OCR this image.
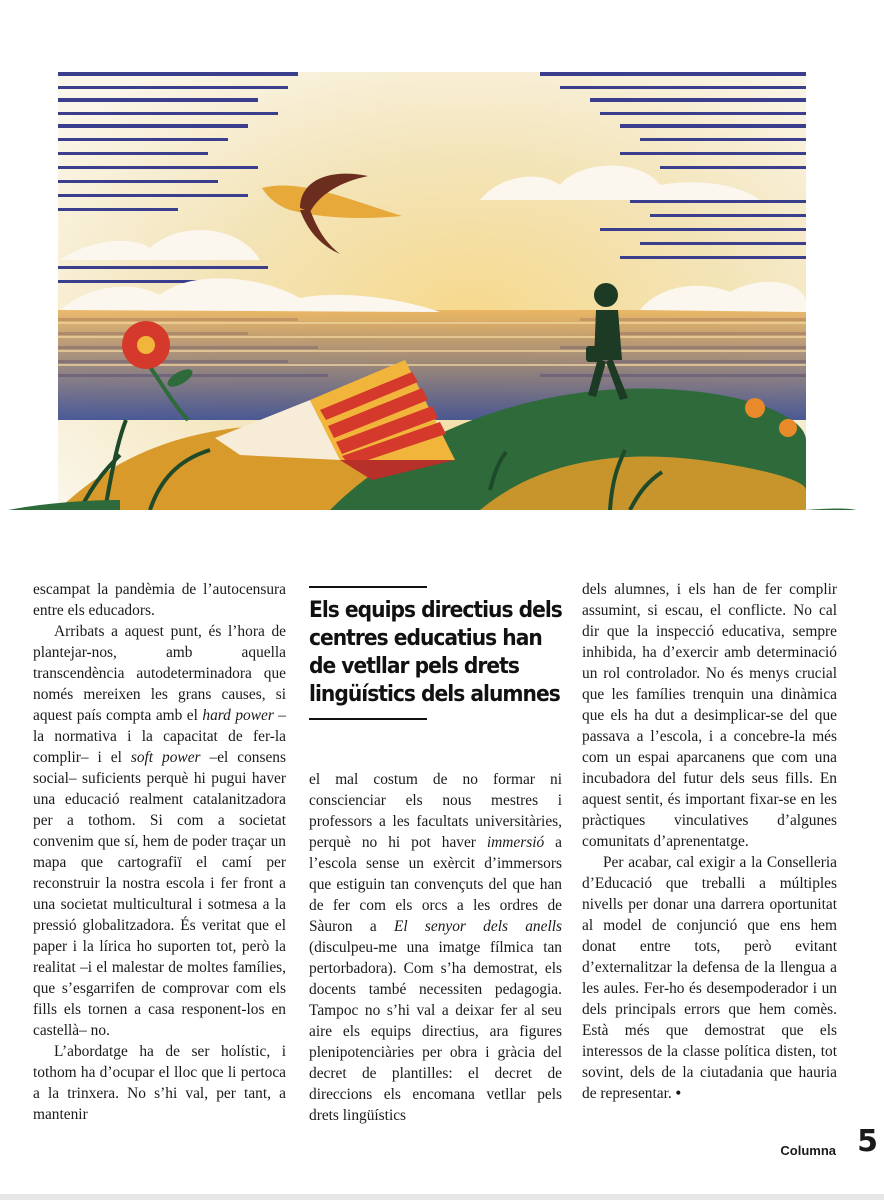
escampat la pandèmia de l’autocensura entre els educadors.

Arribats a aquest punt, és l’hora de plantejar-nos, amb aquella transcendència autodeterminadora que només mereixen les grans causes, si aquest país compta amb el hard power –la normativa i la capacitat de fer-la complir– i el soft power –el consens social– suficients perquè hi pugui haver una educació realment catalanitzadora per a tothom. Si com a societat convenim que sí, hem de poder traçar un mapa que cartografiï el camí per reconstruir la nostra escola i fer front a una societat multicultural i sotmesa a la pressió globalitzadora. És veritat que el paper i la lírica ho suporten tot, però la realitat –i el malestar de moltes famílies, que s’esgarrifen de comprovar com els fills els tornen a casa responent-los en castellà– no.

L’abordatge ha de ser holístic, i tothom ha d’ocupar el lloc que li pertoca a la trinxera. No s’hi val, per tant, a mantenir

Els equips directius dels
centres educatius han
de vetllar pels drets
lingüístics dels alumnes

el mal costum de no formar ni conscienciar els nous mestres i professors a les facultats universitàries, perquè no hi pot haver immersió a l’escola sense un exèrcit d’immersors que estiguin tan convençuts del que han de fer com els orcs a les ordres de Sàuron a El senyor dels anells (disculpeu-me una imatge fílmica tan pertorbadora). Com s’ha demostrat, els docents també necessiten pedagogia. Tampoc no s’hi val a deixar fer al seu aire els equips directius, ara figures plenipotenciàries per obra i gràcia del decret de plantilles: el decret de direccions els encomana vetllar pels drets lingüístics

dels alumnes, i els han de fer complir assumint, si escau, el conflicte. No cal dir que la inspecció educativa, sempre inhibida, ha d’exercir amb determinació un rol controlador. No és menys crucial que les famílies trenquin una dinàmica que els ha dut a desimplicar-se del que passava a l’escola, i a concebre-la més com un espai aparcanens que com una incubadora del futur dels seus fills. En aquest sentit, és important fixar-se en les pràctiques vinculatives d’algunes comunitats d’aprenentatge.

Per acabar, cal exigir a la Conselleria d’Educació que treballi a múltiples nivells per donar una darrera oportunitat al model de conjunció que ens hem donat entre tots, però evitant d’externalitzar la defensa de la llengua a les aules. Fer-ho és desempoderador i un dels principals errors que hem comès. Està més que demostrat que els interessos de la classe política disten, tot sovint, dels de la ciutadania que hauria de representar. •

Columna 5
